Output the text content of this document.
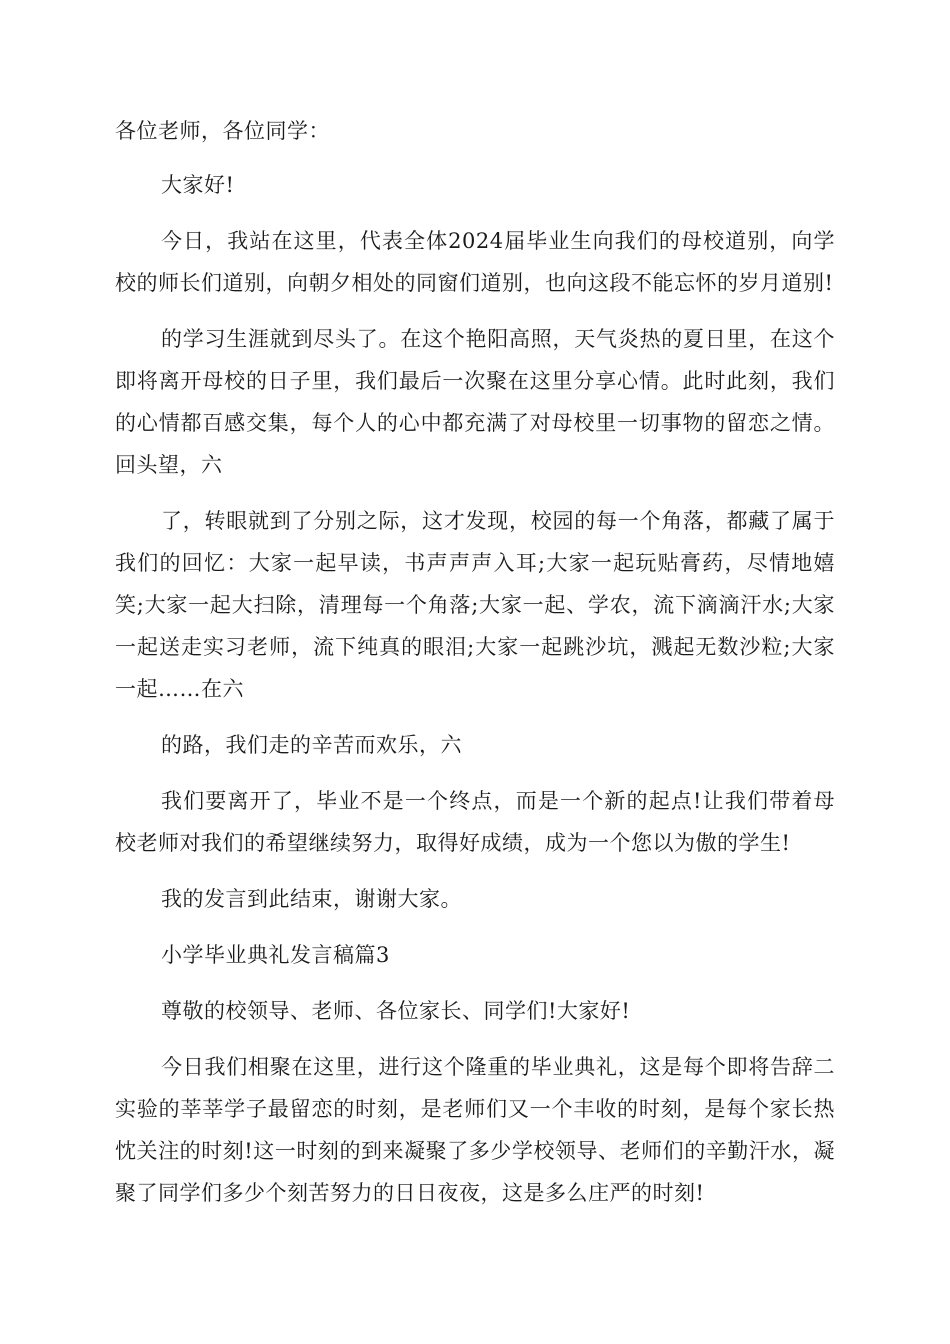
各位老师，各位同学：

大家好!

今日，我站在这里，代表全体2024届毕业生向我们的母校道别，向学校的师长们道别，向朝夕相处的同窗们道别，也向这段不能忘怀的岁月道别!

的学习生涯就到尽头了。在这个艳阳高照，天气炎热的夏日里，在这个即将离开母校的日子里，我们最后一次聚在这里分享心情。此时此刻，我们的心情都百感交集，每个人的心中都充满了对母校里一切事物的留恋之情。回头望，六

了，转眼就到了分别之际，这才发现，校园的每一个角落，都藏了属于我们的回忆：大家一起早读，书声声声入耳;大家一起玩贴膏药，尽情地嬉笑;大家一起大扫除，清理每一个角落;大家一起、学农，流下滴滴汗水;大家一起送走实习老师，流下纯真的眼泪;大家一起跳沙坑，溅起无数沙粒;大家一起……在六

的路，我们走的辛苦而欢乐，六

我们要离开了，毕业不是一个终点，而是一个新的起点!让我们带着母校老师对我们的希望继续努力，取得好成绩，成为一个您以为傲的学生!

我的发言到此结束，谢谢大家。

小学毕业典礼发言稿篇3

尊敬的校领导、老师、各位家长、同学们!大家好!

今日我们相聚在这里，进行这个隆重的毕业典礼，这是每个即将告辞二实验的莘莘学子最留恋的时刻，是老师们又一个丰收的时刻，是每个家长热忱关注的时刻!这一时刻的到来凝聚了多少学校领导、老师们的辛勤汗水，凝聚了同学们多少个刻苦努力的日日夜夜，这是多么庄严的时刻!
